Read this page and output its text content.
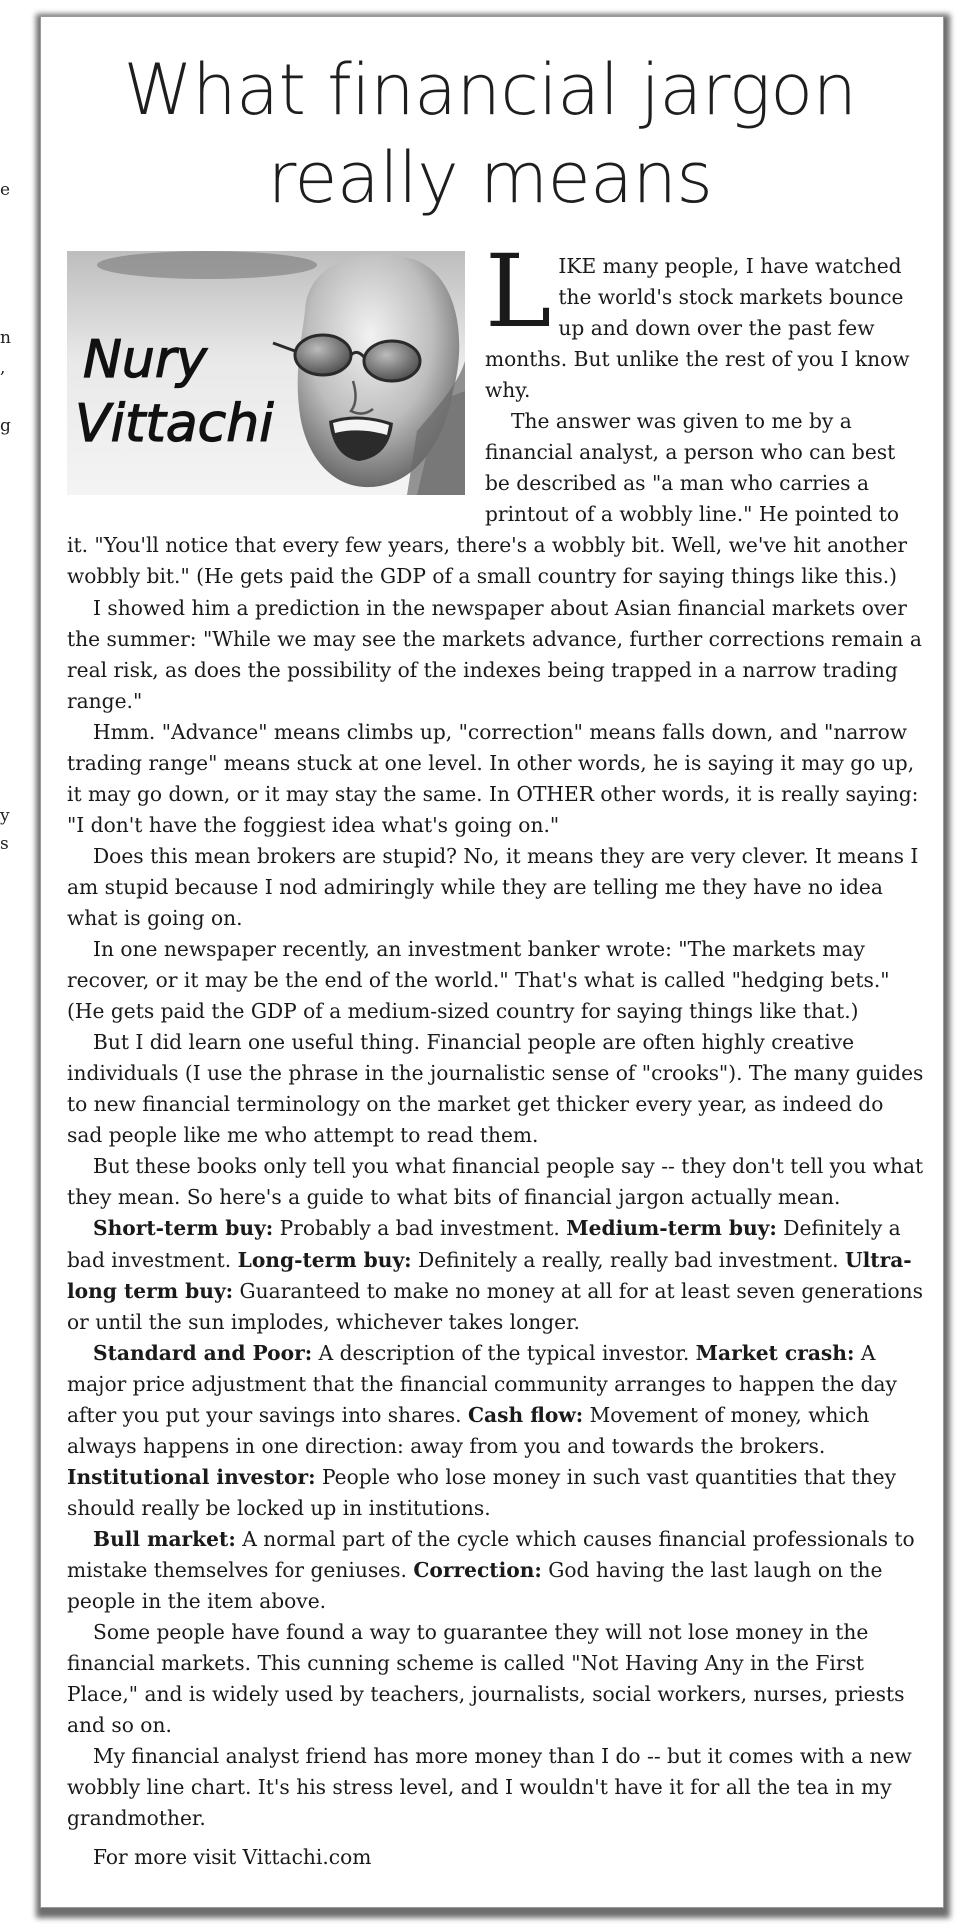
e
n
,
g
y
s
What financial jargon
really means
Nury
Vittachi

LIKE many people, I have watched the world's stock markets bounce up and down over the past few months. But unlike the rest of you I know why.

The answer was given to me by a financial analyst, a person who can best be described as "a man who carries a printout of a wobbly line." He pointed to it. "You'll notice that every few years, there's a wobbly bit. Well, we've hit another wobbly bit." (He gets paid the GDP of a small country for saying things like this.)

I showed him a prediction in the newspaper about Asian financial markets over the summer: "While we may see the markets advance, further corrections remain a real risk, as does the possibility of the indexes being trapped in a narrow trading range."

Hmm. "Advance" means climbs up, "correction" means falls down, and "narrow trading range" means stuck at one level. In other words, he is saying it may go up, it may go down, or it may stay the same. In OTHER other words, it is really saying: "I don't have the foggiest idea what's going on."

Does this mean brokers are stupid? No, it means they are very clever. It means I am stupid because I nod admiringly while they are telling me they have no idea what is going on.

In one newspaper recently, an investment banker wrote: "The markets may recover, or it may be the end of the world." That's what is called "hedging bets." (He gets paid the GDP of a medium-sized country for saying things like that.)

But I did learn one useful thing. Financial people are often highly creative individuals (I use the phrase in the journalistic sense of "crooks"). The many guides to new financial terminology on the market get thicker every year, as indeed do sad people like me who attempt to read them.

But these books only tell you what financial people say -- they don't tell you what they mean. So here's a guide to what bits of financial jargon actually mean.

Short-term buy: Probably a bad investment. Medium-term buy: Definitely a bad investment. Long-term buy: Definitely a really, really bad investment. Ultra-long term buy: Guaranteed to make no money at all for at least seven generations or until the sun implodes, whichever takes longer.

Standard and Poor: A description of the typical investor. Market crash: A major price adjustment that the financial community arranges to happen the day after you put your savings into shares. Cash flow: Movement of money, which always happens in one direction: away from you and towards the brokers. Institutional investor: People who lose money in such vast quantities that they should really be locked up in institutions.

Bull market: A normal part of the cycle which causes financial professionals to mistake themselves for geniuses. Correction: God having the last laugh on the people in the item above.

Some people have found a way to guarantee they will not lose money in the financial markets. This cunning scheme is called "Not Having Any in the First Place," and is widely used by teachers, journalists, social workers, nurses, priests and so on.

My financial analyst friend has more money than I do -- but it comes with a new wobbly line chart. It's his stress level, and I wouldn't have it for all the tea in my grandmother.

For more visit Vittachi.com
